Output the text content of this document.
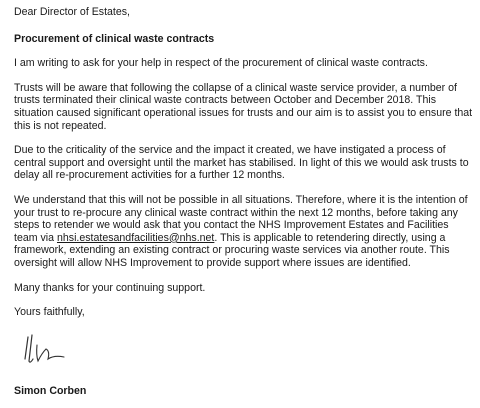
Dear Director of Estates,

Procurement of clinical waste contracts

I am writing to ask for your help in respect of the procurement of clinical waste contracts.

Trusts will be aware that following the collapse of a clinical waste service provider, a number of trusts terminated their clinical waste contracts between October and December 2018. This situation caused significant operational issues for trusts and our aim is to assist you to ensure that this is not repeated.

Due to the criticality of the service and the impact it created, we have instigated a process of central support and oversight until the market has stabilised. In light of this we would ask trusts to delay all re-procurement activities for a further 12 months.

We understand that this will not be possible in all situations. Therefore, where it is the intention of your trust to re-procure any clinical waste contract within the next 12 months, before taking any steps to retender we would ask that you contact the NHS Improvement Estates and Facilities team via nhsi.estatesandfacilities@nhs.net. This is applicable to retendering directly, using a framework, extending an existing contract or procuring waste services via another route. This oversight will allow NHS Improvement to provide support where issues are identified.

Many thanks for your continuing support.

Yours faithfully,

Simon Corben
